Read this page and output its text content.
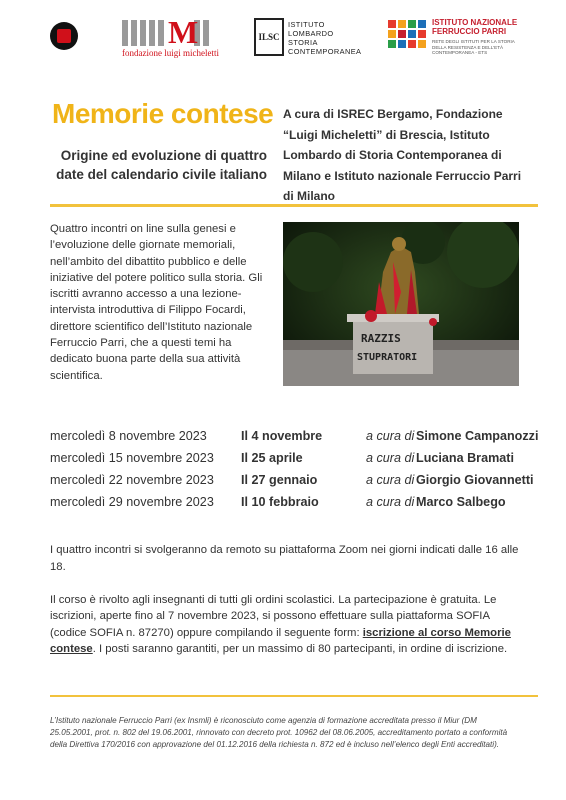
M
fondazione luigi micheletti
ILSC
ISTITUTO
LOMBARDO
STORIA
CONTEMPORANEA
ISTITUTO NAZIONALE
FERRUCCIO PARRI
RETE DEGLI ISTITUTI PER LA STORIA DELLA RESISTENZA E DELL'ETÀ CONTEMPORANEA - ETS
Memorie contese
Origine ed evoluzione di quattro date del calendario civile italiano
A cura di ISREC Bergamo, Fondazione “Luigi Micheletti” di Brescia, Istituto Lombardo di Storia Contemporanea di Milano e Istituto nazionale Ferruccio Parri di Milano
Quattro incontri on line sulla genesi e l’evoluzione delle giornate memoriali, nell’ambito del dibattito pubblico e delle iniziative del potere politico sulla storia. Gli iscritti avranno accesso a una lezione-intervista introduttiva di Filippo Focardi, direttore scientifico dell’Istituto nazionale Ferruccio Parri, che a questi temi ha dedicato buona parte della sua attività scientifica.
RAZZIS
STUPRATORI
mercoledì 8 novembre 2023	Il 4 novembre	a cura di Simone Campanozzi
mercoledì 15 novembre 2023 Il 25 aprile	a cura di Luciana Bramati
mercoledì 22 novembre 2023 Il 27 gennaio	a cura di Giorgio Giovannetti
mercoledì 29 novembre 2023 Il 10 febbraio	a cura di Marco Salbego
I quattro incontri si svolgeranno da remoto su piattaforma Zoom nei giorni indicati dalle 16 alle 18.
Il corso è rivolto agli insegnanti di tutti gli ordini scolastici. La partecipazione è gratuita. Le iscrizioni, aperte fino al 7 novembre 2023, si possono effettuare sulla piattaforma SOFIA (codice SOFIA n. 87270) oppure compilando il seguente form: iscrizione al corso Memorie contese. I posti saranno garantiti, per un massimo di 80 partecipanti, in ordine di iscrizione.
L’Istituto nazionale Ferruccio Parri (ex Insmli) è riconosciuto come agenzia di formazione accreditata presso il Miur (DM 25.05.2001, prot. n. 802 del 19.06.2001, rinnovato con decreto prot. 10962 del 08.06.2005, accreditamento portato a conformità della Direttiva 170/2016 con approvazione del 01.12.2016 della richiesta n. 872 ed è incluso nell’elenco degli Enti accreditati).
